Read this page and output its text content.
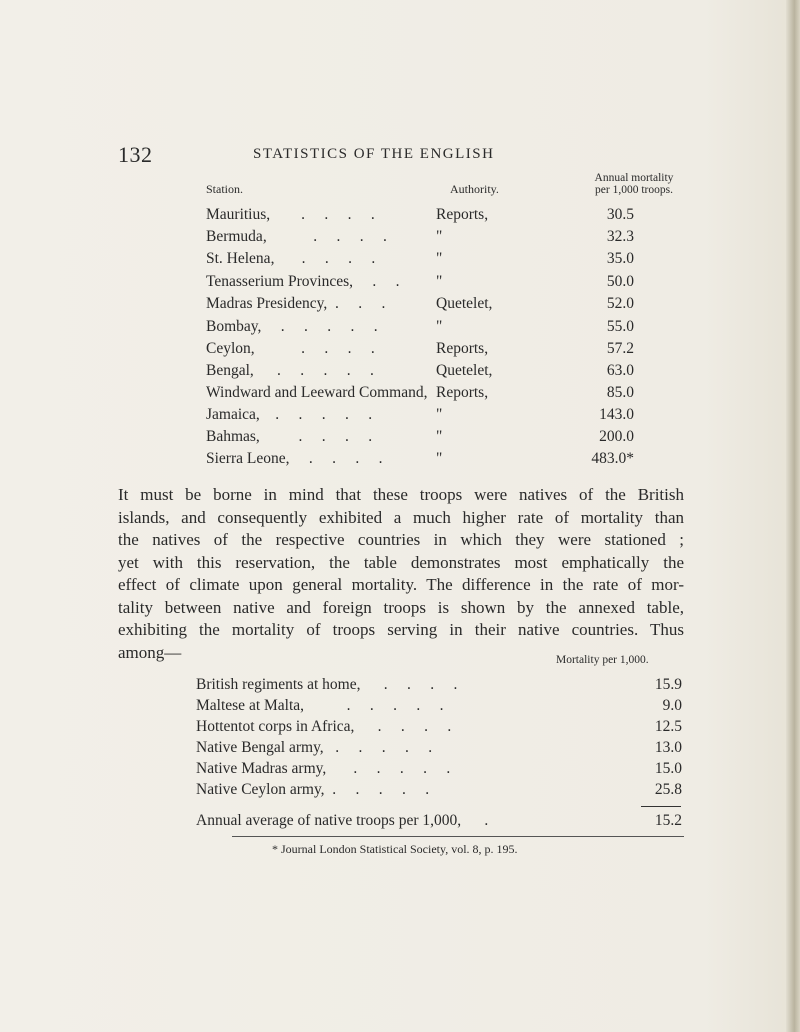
132	STATISTICS OF THE ENGLISH
Station.	Authority.
Annual mortality
per 1,000 troops.
Mauritius,        .     .     .     .	Reports,	30.5
Bermuda,            .     .     .     .	"	32.3
St. Helena,       .     .     .     .	"	35.0
Tenasserium Provinces,     .     . "	50.0
Madras Presidency,  .     .     .	Quetelet,	52.0
Bombay,     .     .     .     .     .	"	55.0
Ceylon,            .     .     .     .	Reports,	57.2
Bengal,      .     .     .     .     .	Quetelet,	63.0
Windward and Leeward Command, Reports,	85.0
Jamaica,    .     .     .     .     .	"	143.0
Bahmas,          .     .     .     .	"	200.0
Sierra Leone,     .     .     .     .	"	483.0*
It must be borne in mind that these troops were natives of the British
islands, and consequently exhibited a much higher rate of mortality than
the natives of the respective countries in which they were stationed ;
yet with this reservation, the table demonstrates most emphatically the
effect of climate upon general mortality. The difference in the rate of mor-
tality between native and foreign troops is shown by the annexed table,
exhibiting the mortality of troops serving in their native countries. Thus
among—	Mortality per 1,000.
British regiments at home,      .     .     .     .	15.9
Maltese at Malta,           .     .     .     .     .	9.0
Hottentot corps in Africa,      .     .     .     .	12.5
Native Bengal army,   .     .     .     .     .	13.0
Native Madras army,       .     .     .     .     .	15.0
Native Ceylon army,  .     .     .     .     .	25.8
Annual average of native troops per 1,000,      .	15.2
* Journal London Statistical Society, vol. 8, p. 195.
